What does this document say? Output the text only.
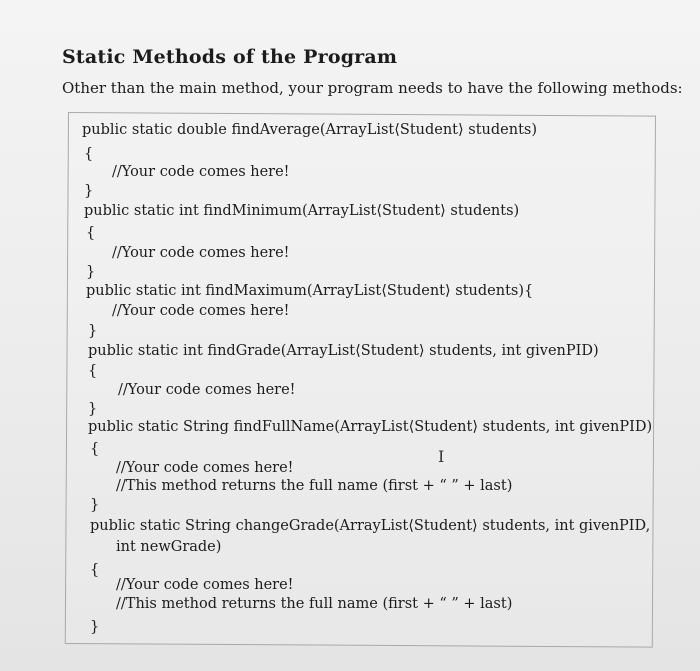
Static Methods of the Program
Other than the main method, your program needs to have the following methods:
public static double findAverage(ArrayList⟨Student⟩ students)
{
//Your code comes here!
}
public static int findMinimum(ArrayList⟨Student⟩ students)
{
//Your code comes here!
}
public static int findMaximum(ArrayList⟨Student⟩ students){
//Your code comes here!
}
public static int findGrade(ArrayList⟨Student⟩ students, int givenPID)
{
//Your code comes here!
}
public static String findFullName(ArrayList⟨Student⟩ students, int givenPID)
{
//Your code comes here!
//This method returns the full name (first + “ ” + last)
}
public static String changeGrade(ArrayList⟨Student⟩ students, int givenPID,
int newGrade)
{
//Your code comes here!
//This method returns the full name (first + “ ” + last)
}
I
